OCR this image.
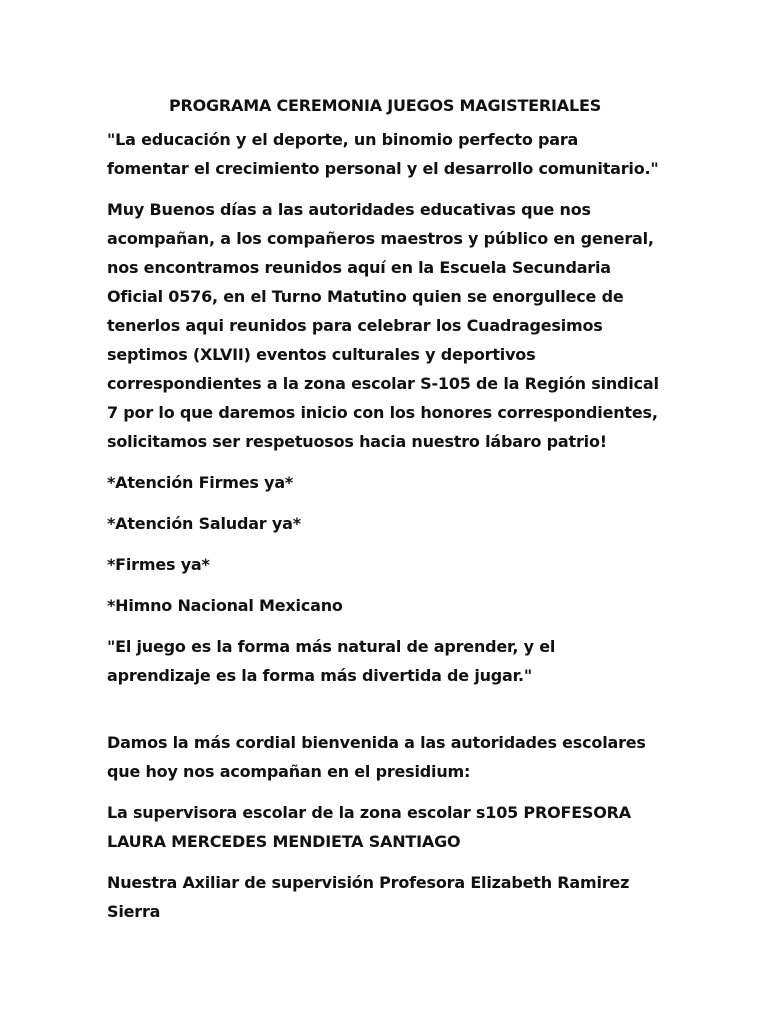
PROGRAMA CEREMONIA JUEGOS MAGISTERIALES

"La educación y el deporte, un binomio perfecto para fomentar el crecimiento personal y el desarrollo comunitario."

Muy Buenos días a las autoridades educativas que nos acompañan, a los compañeros maestros y público en general, nos encontramos reunidos aquí en la Escuela Secundaria Oficial 0576, en el Turno Matutino quien se enorgullece de tenerlos aqui reunidos para celebrar los Cuadragesimos septimos (XLVII) eventos culturales y deportivos correspondientes a la zona escolar S-105 de la Región sindical 7 por lo que daremos inicio con los honores correspondientes, solicitamos ser respetuosos hacia nuestro lábaro patrio!

*Atención Firmes ya*

*Atención Saludar ya*

*Firmes ya*

*Himno Nacional Mexicano

"El juego es la forma más natural de aprender, y el aprendizaje es la forma más divertida de jugar."

Damos la más cordial bienvenida a las autoridades escolares que hoy nos acompañan en el presidium:

La supervisora escolar de la zona escolar s105 PROFESORA LAURA MERCEDES MENDIETA SANTIAGO

Nuestra Axiliar de supervisión Profesora Elizabeth Ramirez Sierra
